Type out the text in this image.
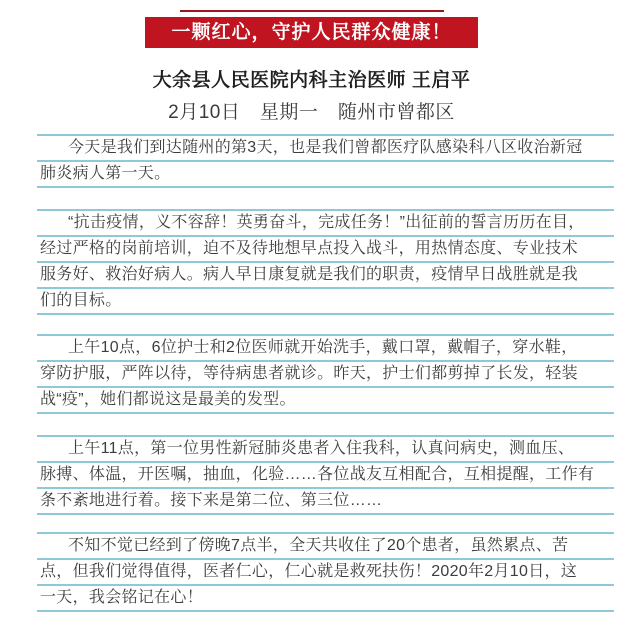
一颗红心，守护人民群众健康！
大余县人民医院内科主治医师 王启平
2月10日　星期一　随州市曾都区
今天是我们到达随州的第3天，也是我们曾都医疗队感染科八区收治新冠
肺炎病人第一天。
“抗击疫情，义不容辞！英勇奋斗，完成任务！”出征前的誓言历历在目，
经过严格的岗前培训，迫不及待地想早点投入战斗，用热情态度、专业技术
服务好、救治好病人。病人早日康复就是我们的职责，疫情早日战胜就是我
们的目标。
上午10点，6位护士和2位医师就开始洗手，戴口罩，戴帽子，穿水鞋，
穿防护服，严阵以待，等待病患者就诊。昨天，护士们都剪掉了长发，轻装
战“疫”，她们都说这是最美的发型。
上午11点，第一位男性新冠肺炎患者入住我科，认真问病史，测血压、
脉搏、体温，开医嘱，抽血，化验……各位战友互相配合，互相提醒，工作有
条不紊地进行着。接下来是第二位、第三位……
不知不觉已经到了傍晚7点半，全天共收住了20个患者，虽然累点、苦
点，但我们觉得值得，医者仁心，仁心就是救死扶伤！2020年2月10日，这
一天，我会铭记在心！
